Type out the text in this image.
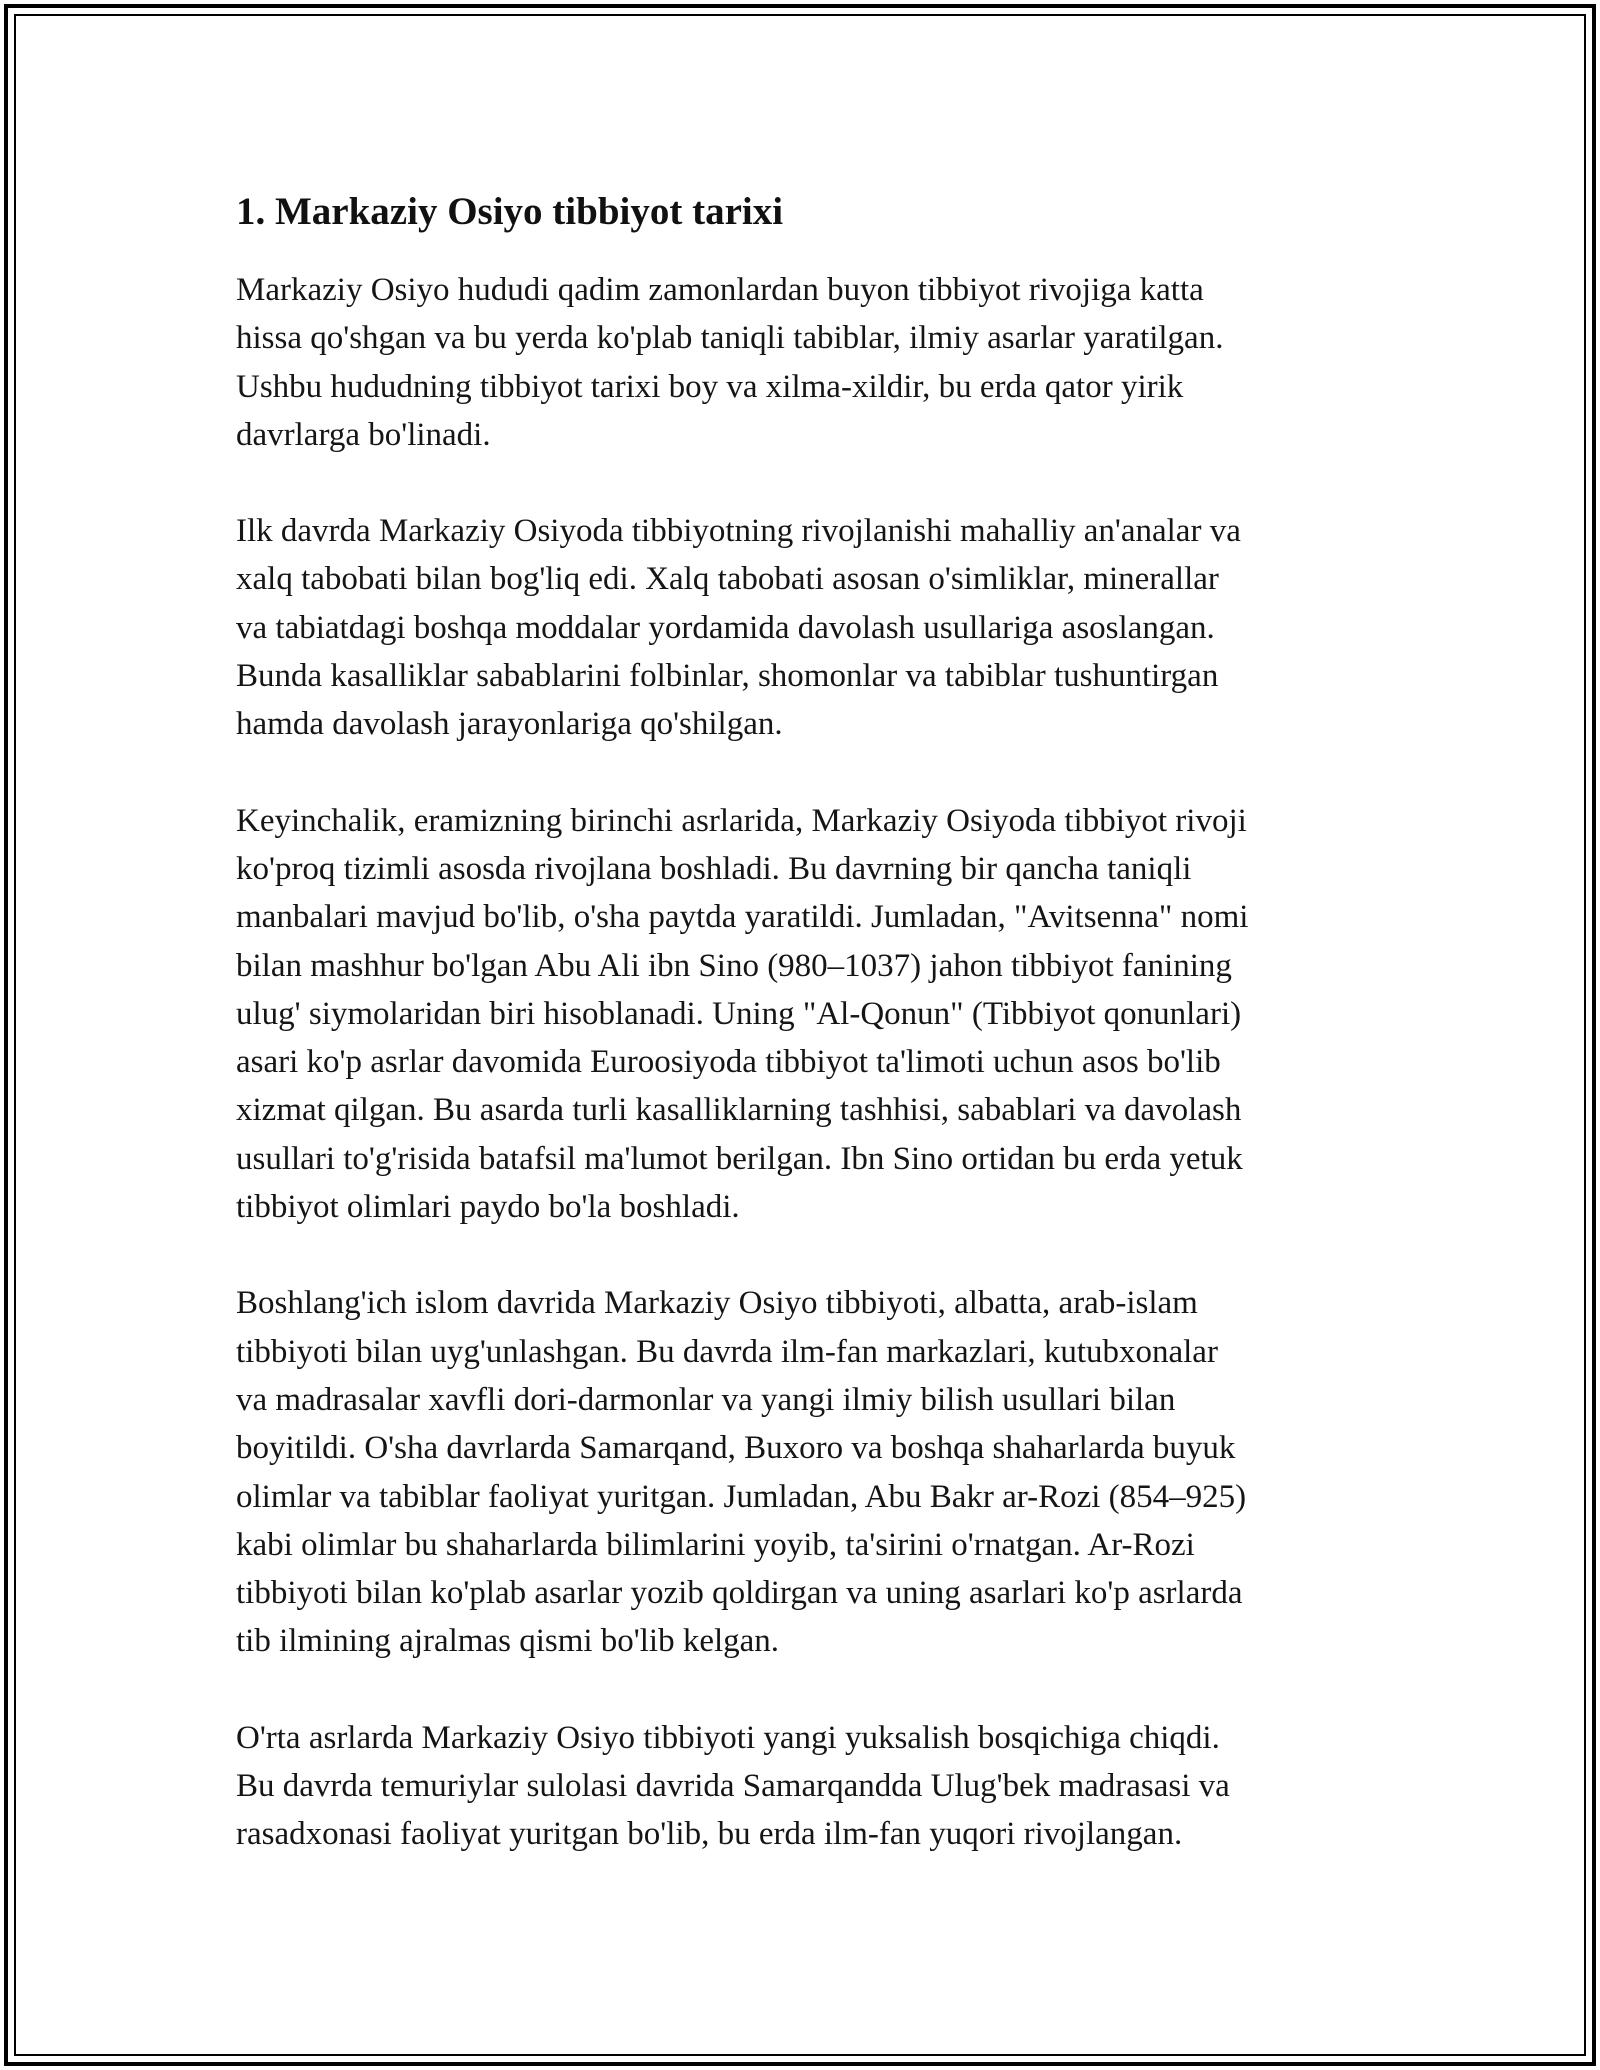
1. Markaziy Osiyo tibbiyot tarixi

Markaziy Osiyo hududi qadim zamonlardan buyon tibbiyot rivojiga katta
hissa qo'shgan va bu yerda ko'plab taniqli tabiblar, ilmiy asarlar yaratilgan.
Ushbu hududning tibbiyot tarixi boy va xilma-xildir, bu erda qator yirik
davrlarga bo'linadi.

Ilk davrda Markaziy Osiyoda tibbiyotning rivojlanishi mahalliy an'analar va
xalq tabobati bilan bog'liq edi. Xalq tabobati asosan o'simliklar, minerallar
va tabiatdagi boshqa moddalar yordamida davolash usullariga asoslangan.
Bunda kasalliklar sabablarini folbinlar, shomonlar va tabiblar tushuntirgan
hamda davolash jarayonlariga qo'shilgan.

Keyinchalik, eramizning birinchi asrlarida, Markaziy Osiyoda tibbiyot rivoji
ko'proq tizimli asosda rivojlana boshladi. Bu davrning bir qancha taniqli
manbalari mavjud bo'lib, o'sha paytda yaratildi. Jumladan, "Avitsenna" nomi
bilan mashhur bo'lgan Abu Ali ibn Sino (980–1037) jahon tibbiyot fanining
ulug' siymolaridan biri hisoblanadi. Uning "Al-Qonun" (Tibbiyot qonunlari)
asari ko'p asrlar davomida Euroosiyoda tibbiyot ta'limoti uchun asos bo'lib
xizmat qilgan. Bu asarda turli kasalliklarning tashhisi, sabablari va davolash
usullari to'g'risida batafsil ma'lumot berilgan. Ibn Sino ortidan bu erda yetuk
tibbiyot olimlari paydo bo'la boshladi.

Boshlang'ich islom davrida Markaziy Osiyo tibbiyoti, albatta, arab-islam
tibbiyoti bilan uyg'unlashgan. Bu davrda ilm-fan markazlari, kutubxonalar
va madrasalar xavfli dori-darmonlar va yangi ilmiy bilish usullari bilan
boyitildi. O'sha davrlarda Samarqand, Buxoro va boshqa shaharlarda buyuk
olimlar va tabiblar faoliyat yuritgan. Jumladan, Abu Bakr ar-Rozi (854–925)
kabi olimlar bu shaharlarda bilimlarini yoyib, ta'sirini o'rnatgan. Ar-Rozi
tibbiyoti bilan ko'plab asarlar yozib qoldirgan va uning asarlari ko'p asrlarda
tib ilmining ajralmas qismi bo'lib kelgan.

O'rta asrlarda Markaziy Osiyo tibbiyoti yangi yuksalish bosqichiga chiqdi.
Bu davrda temuriylar sulolasi davrida Samarqandda Ulug'bek madrasasi va
rasadxonasi faoliyat yuritgan bo'lib, bu erda ilm-fan yuqori rivojlangan.
